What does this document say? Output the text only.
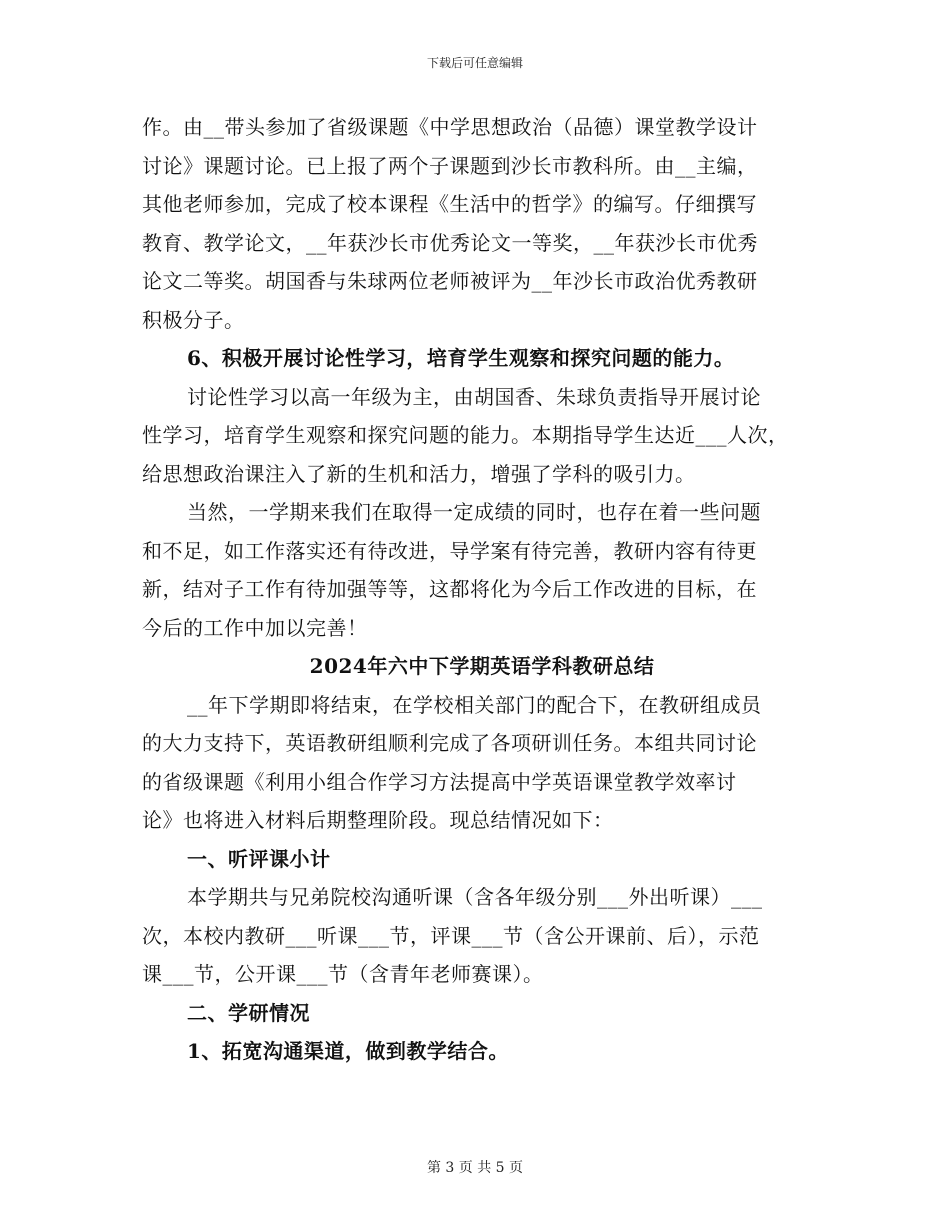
下载后可任意编辑
作。由__带头参加了省级课题《中学思想政治（品德）课堂教学设计
讨论》课题讨论。已上报了两个子课题到沙长市教科所。由__主编，
其他老师参加，完成了校本课程《生活中的哲学》的编写。仔细撰写
教育、教学论文，__年获沙长市优秀论文一等奖，__年获沙长市优秀
论文二等奖。胡国香与朱球两位老师被评为__年沙长市政治优秀教研
积极分子。
6、积极开展讨论性学习，培育学生观察和探究问题的能力。
讨论性学习以高一年级为主，由胡国香、朱球负责指导开展讨论
性学习，培育学生观察和探究问题的能力。本期指导学生达近___人次，
给思想政治课注入了新的生机和活力，增强了学科的吸引力。
当然，一学期来我们在取得一定成绩的同时，也存在着一些问题
和不足，如工作落实还有待改进，导学案有待完善，教研内容有待更
新，结对子工作有待加强等等，这都将化为今后工作改进的目标，在
今后的工作中加以完善！
2024年六中下学期英语学科教研总结
__年下学期即将结束，在学校相关部门的配合下，在教研组成员
的大力支持下，英语教研组顺利完成了各项研训任务。本组共同讨论
的省级课题《利用小组合作学习方法提高中学英语课堂教学效率讨
论》也将进入材料后期整理阶段。现总结情况如下：
一、听评课小计
本学期共与兄弟院校沟通听课（含各年级分别___外出听课）___
次，本校内教研___听课___节，评课___节（含公开课前、后），示范
课___节，公开课___节（含青年老师赛课）。
二、学研情况
1、拓宽沟通渠道，做到教学结合。
第 3 页 共 5 页
